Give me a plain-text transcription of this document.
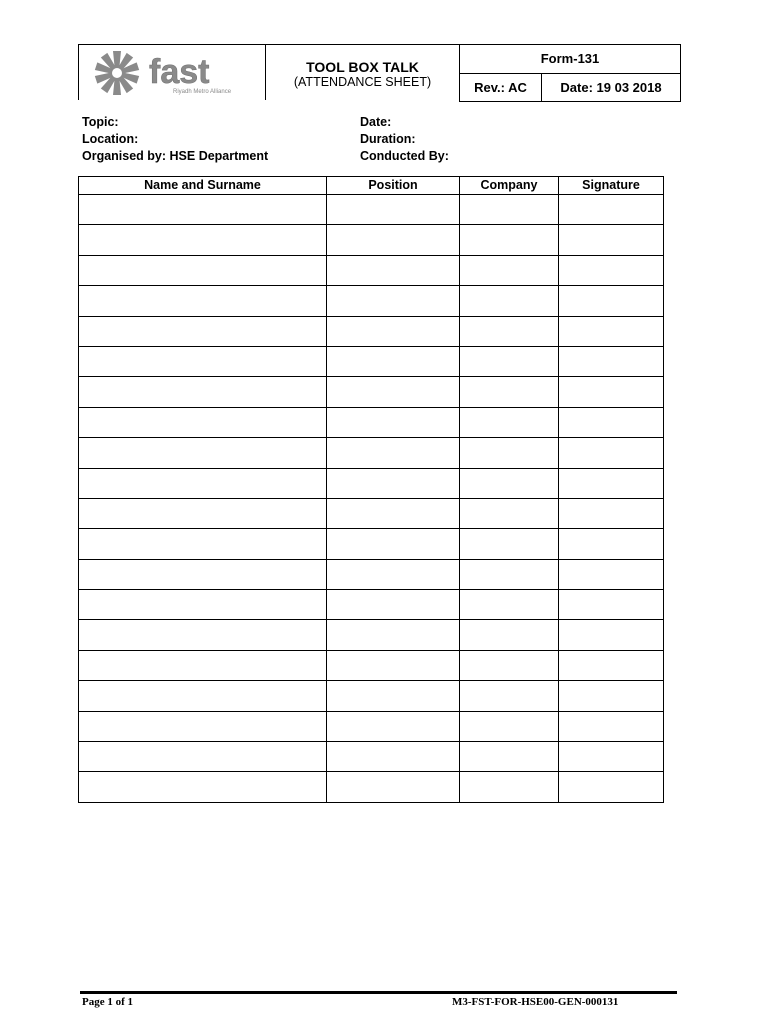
fast
Riyadh Metro Alliance
TOOL BOX TALK
(ATTENDANCE SHEET)
Form-131
Rev.: AC	Date: 19 03 2018
Topic:
Location:
Organised by: HSE Department
Date:
Duration:
Conducted By:
Name and Surname	Position	Company	Signature

Page 1 of 1	M3-FST-FOR-HSE00-GEN-000131
